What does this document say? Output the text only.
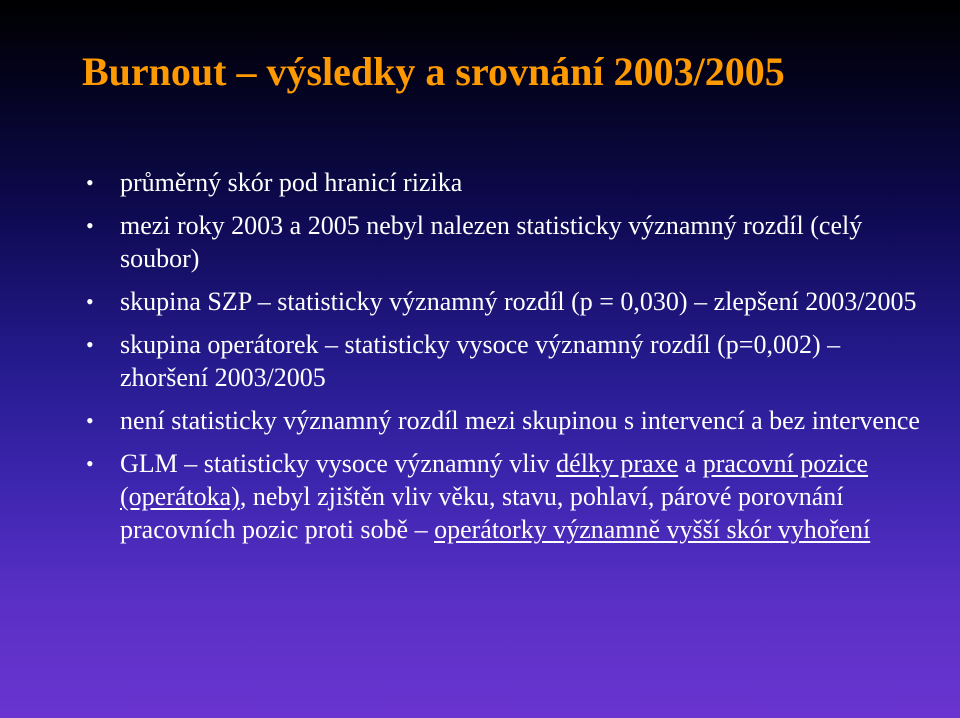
Burnout – výsledky a srovnání 2003/2005
• průměrný skór pod hranicí rizika
• mezi roky 2003 a 2005 nebyl nalezen statisticky významný rozdíl (celý soubor)
• skupina SZP – statisticky významný rozdíl (p = 0,030) – zlepšení 2003/2005
• skupina operátorek – statisticky vysoce významný rozdíl (p=0,002) – zhoršení 2003/2005
• není statisticky významný rozdíl mezi skupinou s intervencí a bez intervence
• GLM – statisticky vysoce významný vliv délky praxe a pracovní pozice (operátoka), nebyl zjištěn vliv věku, stavu, pohlaví, párové porovnání pracovních pozic proti sobě – operátorky významně vyšší skór vyhoření
